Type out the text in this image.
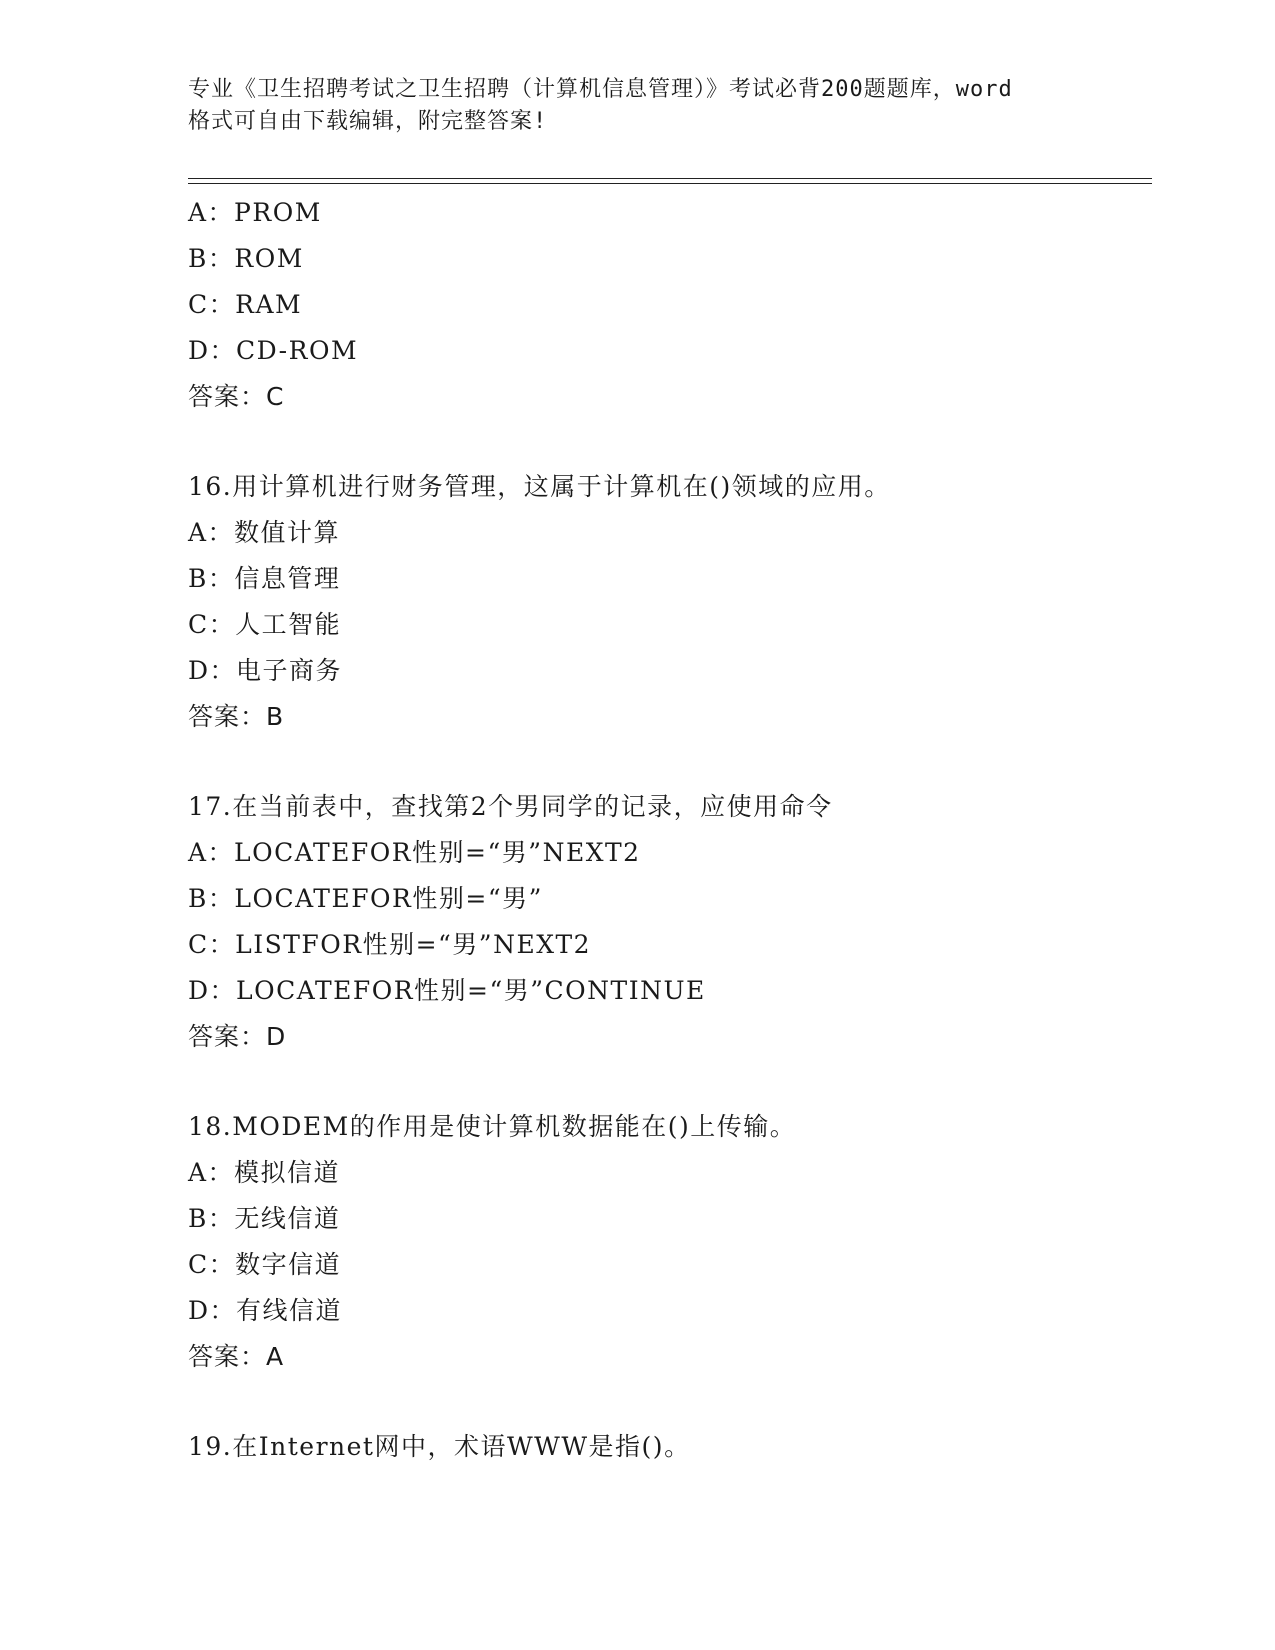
专业《卫生招聘考试之卫生招聘（计算机信息管理）》考试必背200题题库，word
格式可自由下载编辑，附完整答案!
A：PROM
B：ROM
C：RAM
D：CD-ROM
答案：C
16.用计算机进行财务管理，这属于计算机在()领域的应用。
A：数值计算
B：信息管理
C：人工智能
D：电子商务
答案：B
17.在当前表中，查找第2个男同学的记录，应使用命令
A：LOCATEFOR性别=“男”NEXT2
B：LOCATEFOR性别=“男”
C：LISTFOR性别=“男”NEXT2
D：LOCATEFOR性别=“男”CONTINUE
答案：D
18.MODEM的作用是使计算机数据能在()上传输。
A：模拟信道
B：无线信道
C：数字信道
D：有线信道
答案：A
19.在Internet网中，术语WWW是指()。
